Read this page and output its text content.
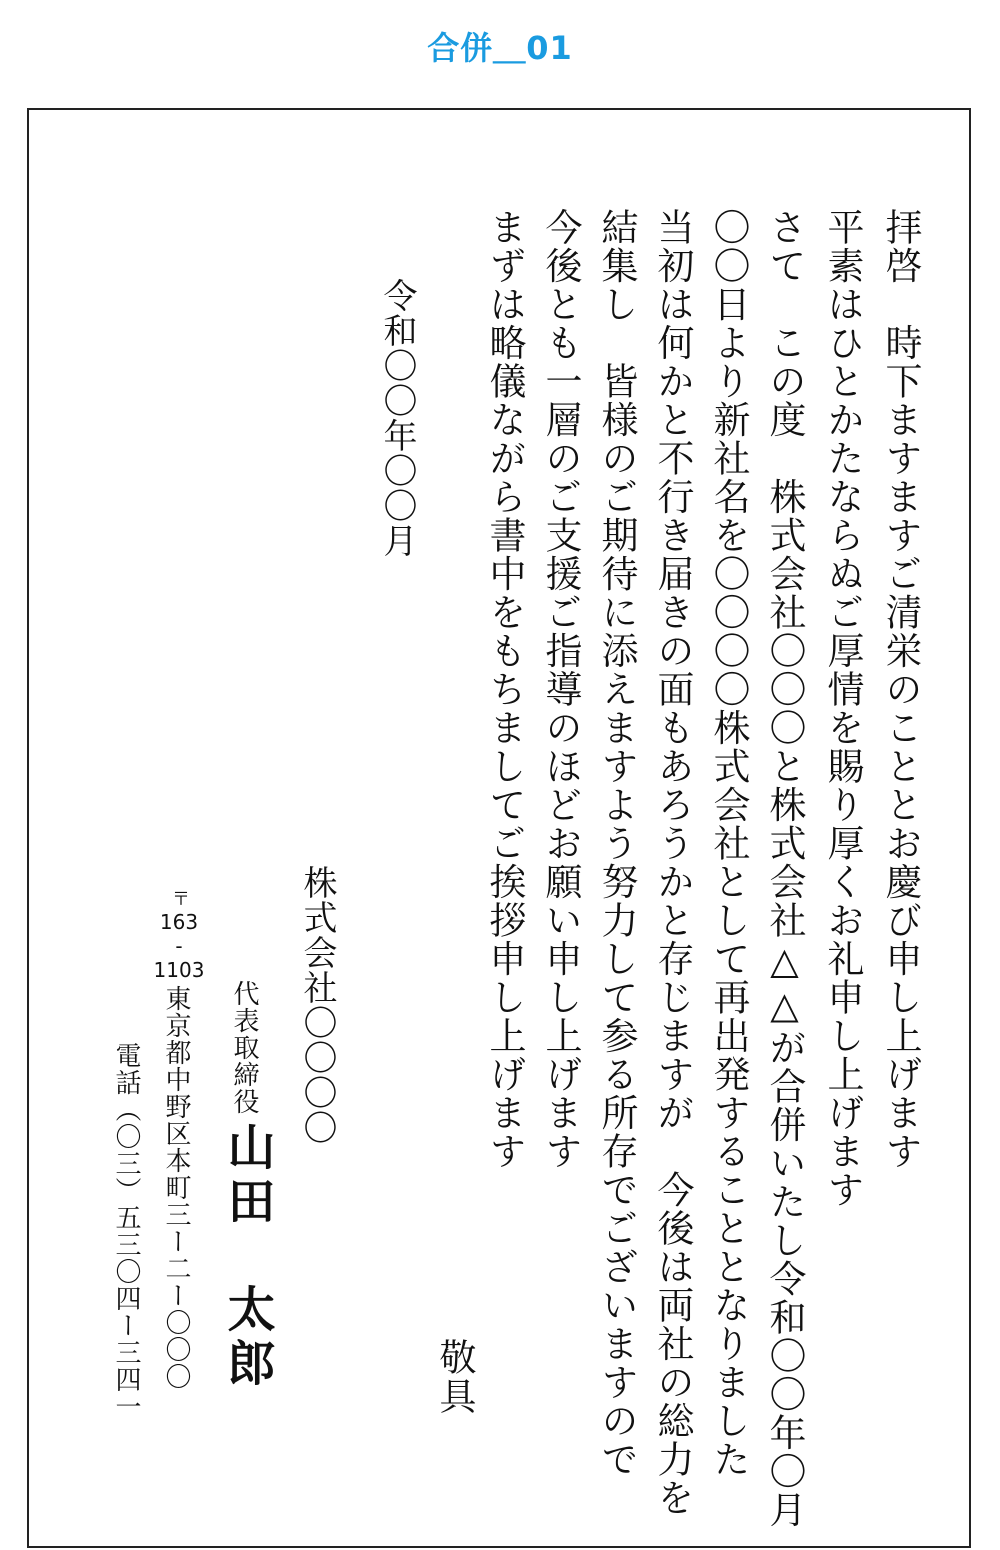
合併＿01
拝啓　時下ますますご清栄のこととお慶び申し上げます
平素はひとかたならぬご厚情を賜り厚くお礼申し上げます
さて　この度　株式会社〇〇〇と株式会社△△が合併いたし令和〇〇年〇月
〇〇日より新社名を〇〇〇〇株式会社として再出発することとなりました
当初は何かと不行き届きの面もあろうかと存じますが　今後は両社の総力を
結集し　皆様のご期待に添えますよう努力して参る所存でございますので
今後とも一層のご支援ご指導のほどお願い申し上げます
まずは略儀ながら書中をもちましてご挨拶申し上げます
敬具
令和〇〇年〇〇月
株式会社〇〇〇〇
代表取締役
山田　太郎
〒
163
-
1103
東京都中野区本町三ー二ー〇〇〇
電話（〇三）五三〇四ー三四一
